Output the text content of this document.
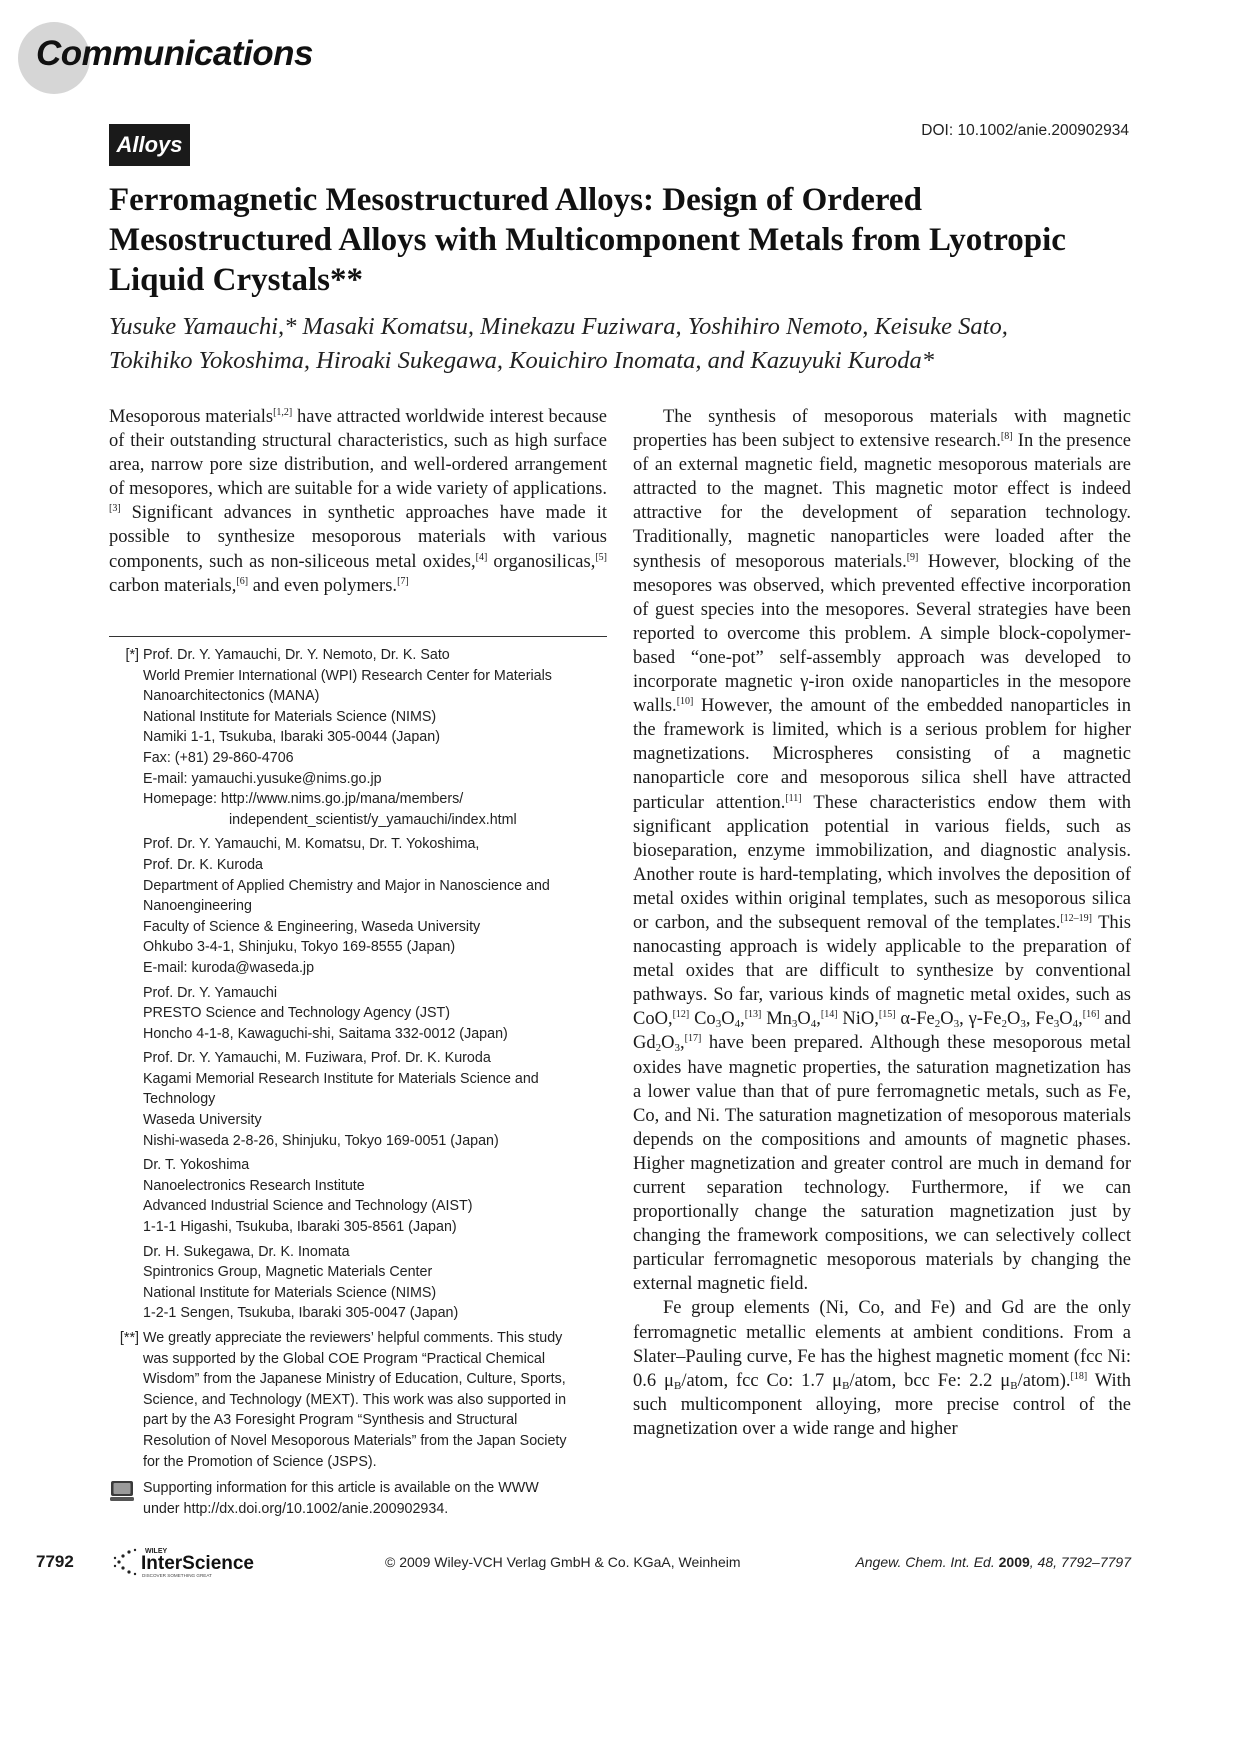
Communications
Alloys
DOI: 10.1002/anie.200902934
Ferromagnetic Mesostructured Alloys: Design of Ordered Mesostructured Alloys with Multicomponent Metals from Lyotropic Liquid Crystals**
Yusuke Yamauchi,* Masaki Komatsu, Minekazu Fuziwara, Yoshihiro Nemoto, Keisuke Sato,
Tokihiko Yokoshima, Hiroaki Sukegawa, Kouichiro Inomata, and Kazuyuki Kuroda*

Mesoporous materials[1,2] have attracted worldwide interest because of their outstanding structural characteristics, such as high surface area, narrow pore size distribution, and well-ordered arrangement of mesopores, which are suitable for a wide variety of applications.[3] Significant advances in synthetic approaches have made it possible to synthesize mesoporous materials with various components, such as non-siliceous metal oxides,[4] organosilicas,[5] carbon materials,[6] and even polymers.[7]

The synthesis of mesoporous materials with magnetic properties has been subject to extensive research.[8] In the presence of an external magnetic field, magnetic mesoporous materials are attracted to the magnet. This magnetic motor effect is indeed attractive for the development of separation technology. Traditionally, magnetic nanoparticles were loaded after the synthesis of mesoporous materials.[9] However, blocking of the mesopores was observed, which prevented effective incorporation of guest species into the mesopores. Several strategies have been reported to overcome this problem. A simple block-copolymer-based “one-pot” self-assembly approach was developed to incorporate magnetic γ-iron oxide nanoparticles in the mesopore walls.[10] However, the amount of the embedded nanoparticles in the framework is limited, which is a serious problem for higher magnetizations. Microspheres consisting of a magnetic nanoparticle core and mesoporous silica shell have attracted particular attention.[11] These characteristics endow them with significant application potential in various fields, such as bioseparation, enzyme immobilization, and diagnostic analysis. Another route is hard-templating, which involves the deposition of metal oxides within original templates, such as mesoporous silica or carbon, and the subsequent removal of the templates.[12–19] This nanocasting approach is widely applicable to the preparation of metal oxides that are difficult to synthesize by conventional pathways. So far, various kinds of magnetic metal oxides, such as CoO,[12] $Co_3O_4,[13]$ $Mn_3O_4,[14]$ NiO,[15] $\alpha-Fe_2O_3$, $\gamma-Fe_2O_3$, $Fe_3O_4,[16]$ and $Gd_2O_3,[17]$ have been prepared. Although these mesoporous metal oxides have magnetic properties, the saturation magnetization has a lower value than that of pure ferromagnetic metals, such as Fe, Co, and Ni. The saturation magnetization of mesoporous materials depends on the compositions and amounts of magnetic phases. Higher magnetization and greater control are much in demand for current separation technology. Furthermore, if we can proportionally change the saturation magnetization just by changing the framework compositions, we can selectively collect particular ferromagnetic mesoporous materials by changing the external magnetic field.

Fe group elements (Ni, Co, and Fe) and Gd are the only ferromagnetic metallic elements at ambient conditions. From a Slater–Pauling curve, Fe has the highest magnetic moment (fcc Ni: 0.6 $\mu_B$/atom, fcc Co: 1.7 $\mu_B$/atom, bcc Fe: 2.2 $\mu_B/atom).[18]$ With such multicomponent alloying, more precise control of the magnetization over a wide range and higher

[*] Prof. Dr. Y. Yamauchi, Dr. Y. Nemoto, Dr. K. Sato
World Premier International (WPI) Research Center for Materials
Nanoarchitectonics (MANA)
National Institute for Materials Science (NIMS)
Namiki 1-1, Tsukuba, Ibaraki 305-0044 (Japan)
Fax: (+81) 29-860-4706
E-mail: yamauchi.yusuke@nims.go.jp
Homepage: http://www.nims.go.jp/mana/members/
independent_scientist/y_yamauchi/index.html
Prof. Dr. Y. Yamauchi, M. Komatsu, Dr. T. Yokoshima,
Prof. Dr. K. Kuroda
Department of Applied Chemistry and Major in Nanoscience and
Nanoengineering
Faculty of Science & Engineering, Waseda University
Ohkubo 3-4-1, Shinjuku, Tokyo 169-8555 (Japan)
E-mail: kuroda@waseda.jp
Prof. Dr. Y. Yamauchi
PRESTO Science and Technology Agency (JST)
Honcho 4-1-8, Kawaguchi-shi, Saitama 332-0012 (Japan)
Prof. Dr. Y. Yamauchi, M. Fuziwara, Prof. Dr. K. Kuroda
Kagami Memorial Research Institute for Materials Science and
Technology
Waseda University
Nishi-waseda 2-8-26, Shinjuku, Tokyo 169-0051 (Japan)
Dr. T. Yokoshima
Nanoelectronics Research Institute
Advanced Industrial Science and Technology (AIST)
1-1-1 Higashi, Tsukuba, Ibaraki 305-8561 (Japan)
Dr. H. Sukegawa, Dr. K. Inomata
Spintronics Group, Magnetic Materials Center
National Institute for Materials Science (NIMS)
1-2-1 Sengen, Tsukuba, Ibaraki 305-0047 (Japan)
[**] We greatly appreciate the reviewers’ helpful comments. This study
was supported by the Global COE Program “Practical Chemical
Wisdom” from the Japanese Ministry of Education, Culture, Sports,
Science, and Technology (MEXT). This work was also supported in
part by the A3 Foresight Program “Synthesis and Structural
Resolution of Novel Mesoporous Materials” from the Japan Society
for the Promotion of Science (JSPS).
Supporting information for this article is available on the WWW
under http://dx.doi.org/10.1002/anie.200902934.
7792
WILEY
InterScience
DISCOVER SOMETHING GREAT
© 2009 Wiley-VCH Verlag GmbH & Co. KGaA, Weinheim	Angew. Chem. Int. Ed. 2009, 48, 7792–7797
